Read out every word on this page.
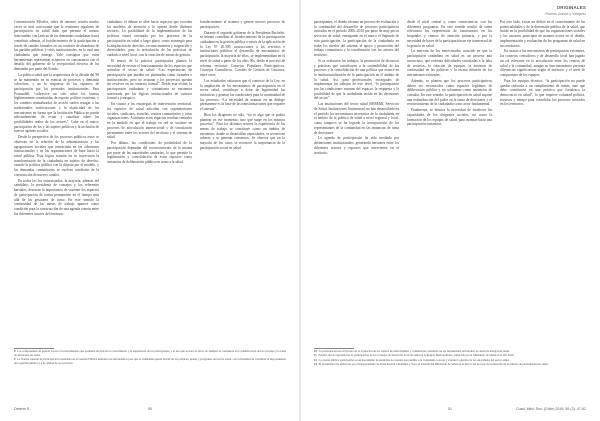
Comunicación Móviles, redes de internet, resulta mucho veces se más convocante que la reuniones regulares de participación en salud dado que permite el mismo intercambio con Iarticas de las demandas ciudadanas hacia contribuir además, al fortalecimiento de la participación a través de canales formales en un contexto de abandono de las partidas públicas y crisis institucionales, en la cual una ciudadanía que emerge, Vale consignar que estas herramientas representan esfuerzos en consonancia con el desafío del gobierno de la receptividad efectiva de las demandas por parte del Estado.

La política salud que la arquitectura de la década del 90 se ha mantenido en su esencia de procesos y demanda colectivas, y no lo respuesta de los espacios de participación por los prestados institucionales. Para Poussadell, “sobrevive un solo sobre las formas legítimamente constituidas de espacio político existente, y los cambios mutualizados de acción suelen rezagar a las tradicionales verificaciones y la elasticidad de los mecanismos en forma que la Institución Pública no pueda adecuadamente, de evitar y canalizar sobre las posibilidades reales de los actores”. Cabe en el marco participativo de los y las sujetos políticos y la inclusión de nuevos agentes sociales.

Desde la perspectiva de los procesos políticos estos se observan en la relación de la administración y las agrupaciones sociales que interactúan en las coberturas institucionales y en las organizaciones de base hacia la salud pública. Esta lógica transita en su trayectoria la transformación de la ciudadanía en sujetos de derecho, cuando la política pública con la disputa por el modelo, y las demandas comunitarias se vuelven condición de la construcción de nuevos canales.

En todos los los entrevistados, la mayoría, además del candidato, la presidenta de consejos y los referentes barriales, destacan la importancia de sostener los espacios de participación de forma permanente en el tiempo más allá de las gestiones de turno. En este sentido la continuidad de las mesas de trabajo aparece como condición para la construcción de una agenda común entre los diferentes actores del territorio.

ciudadana: el debate se abre hacia aspectos que exceden los modelos de atención y lo operan desde distintos sectores, La posibilidad de la implementación de las políticas estará orientada por los procesos de la participación en salud a largo plazo, como estrategia para la ampliación de derechos, reconocimientos y asignación y diversidades, para la articulación de las prácticas de cuidado a nivel local, con la creación de mesas de gestión.

El marco de la práctica participativa plantea la necesidad de revisar el funcionamiento de los espacios que articulan el sector de salud: “Las experiencias de participación que pueden ser planteadas como formales e institucionales, pero no avanzan y los proyectos quedan sin resolver en un contexto formal”. Desde esta visión, la participación ciudadana y comunitaria se encuentra atravesada por las lógicas institucionales de carácter formal y jerárquico.

En cuanto a las estrategias de intervención territorial, los espacios de salud articulan con organizaciones sociales, sindicatos, escuelas, centros comunitarios y otras organizaciones. Asimismo estos espacios resultan centrales en la medida en que el trabajo en red se sostiene en procesos de articulación intersectorial y de vinculación permanente entre los actores del territorio y el sistema de salud.

Por último, las condiciones de posibilidad de la participación dependen del reconocimiento de la misma por parte de las autoridades sanitarias, lo que permite la legitimación y consolidación de estos espacios como instancias de deliberación pública en torno a la salud.

fortalecimiento al sistema y genere nuevos procesos de participación.

Durante el segundo gobierno de la Presidenta Bachelet, se intentó contribuir al fortalecimiento de la participación ciudadana en la gestión pública a través de la aplicación de la Ley Nº 20.500, instrucciones a los servicios e instituciones públicas el desarrollo de mecanismos de participación, la mayoría de ellos, se implementaban en el nivel de salud a partir de los años 90s, desde el proceso de reforma sectorial: Consejos Populares Participativos, Consejos Consultivos, Comités de Gestión de Usuarios, entre otros.

Los estudiados valoraron que el contexto de la Ley, en la ampliación de los mecanismos de participación en el sector salud, contribuye a dotar de legitimidad las iniciativas y generar las condiciones para la continuidad de los procesos: “La necesidad de avanzar en un diálogo permanente es la base de las transformaciones que requiere el sistema”.

Bien los dirigentes no sólo, “no es algo que se podría plantear en ese momento, sino que surge en los mismos procesos”. Para los distintos actores la experiencia de las mesas de trabajo se constituye como un ámbito de encuentro, donde se desarrollan capacidades, se reconocen saberes y se generan consensos. Se observa que en la mayoría de los casos se reconoce la importancia de la participación social en salud.

8 Los componentes de gestión social o las herramientas que permiten involucrar el conocimiento y la experiencia de los participantes, y el uso que se hace de ellos, no siempre se consideran en la planificación de las acciones y la toma de decisiones en salud.
9 La Norma General de Participación Ciudadana en la Gestión Pública establece los mecanismos para que la ciudadanía pueda incidir en las políticas, planes y programas del sector salud, con la finalidad de contribuir al mejoramiento de la gestión pública y a la calidad de los servicios.
Determ S.	50
ORIGINALES
Ramos Garcia y Vasquez

participantes, el diseño alcanza un proceso de evaluación y la continuidad del desarrollo de procesos participativos iniciados en el periodo 2006–2010 por parte de muy pocos servicios de salud, entregando en el marco el Segundo de esta participación, la participación de la ciudadanía en todos los niveles del sistema, el apoyo y promoción del trabajo comunitario y la coordinación con los actores del territorio.

Si se evaluaron los trabajos, la promoción de discursos y prácticas que contribuyen a la sostenibilidad de los procesos y la consolidación de una política que avance en la institucionalización de la participación en el ámbito de la salud. Así, para profesionales encargados de implementar los trabajos de este nivel, “la participación por las condiciones mismas del espacio, la respuesta y la posibilidad de que la ciudadanía incida en las decisiones del sector”.

Las instituciones del sector salud (SEREMI, Servicios de Salud, Instituciones Autónomas) no han desarrollado en el período los mecanismos necesarios de la ciudadanía en el ámbito de la política de salud a nivel regional y local, como tampoco se ha logrado la incorporación de los representantes de la comunidad en las instancias de toma de decisiones.

La agenda de participación ha sido mediada por definiciones institucionales, generando tensiones entre los diferentes actores y espacios que intervienen en el territorio.

desde el nivel central y, como consecuencia, con los diferentes programas. En este sentido resultó de suma relevancia las experiencias de funcionarios en los hospitales y centros de atención primaria, y por la necesidad de hacer de la participación un eje transversal de la gestión en salud.

La mayoría de los entrevistados coincide en que la participación ciudadana en salud es un proceso aún inconcluso, que enfrenta dificultades vinculadas a la falta de recursos, la rotación de equipos, la ausencia de continuidad en las políticas y la escasa difusión de los mecanismos existentes.

Además, se plantea que los procesos participativos deben ser reconocidos como espacios legítimos de deliberación pública y no solamente como instancias de consulta. En este sentido, la participación en salud supone una redistribución del poder en la toma de decisiones y el reconocimiento de la ciudadanía como actor fundamental.

Finalmente, se destaca la necesidad de fortalecer las capacidades de los dirigentes sociales, así como la formación de los equipos de salud, para avanzar hacia una participación sustantiva.

Por otro lado, existe un déficit en el conocimiento de las potencialidades y de la dimensión pública de la salud, que incide en la posibilidad de que las organizaciones sociales y los usuarios participen de manera activa en el diseño, implementación y evaluación de los programas de salud en sus territorios.

En cuanto a los mecanismos de participación existentes, los consejos consultivos y de desarrollo local han jugado un rol relevante en la articulación entre los centros de salud y la comunidad, aunque su funcionamiento presenta diferencias significativas según el territorio y el nivel de compromiso de los equipos.

Para los equipos técnicos, “la participación no puede quedar reducida a un cumplimiento de metas, sino que debe constituirse en una práctica que fortalezca la democracia en salud”, lo que requiere voluntad política, recursos y tiempo para consolidar los procesos iniciados en los territorios.

10 La participación en el Proceso de la formación de los centros de salud familiar y comunitaria constituye un eje fundamental del modelo de atención integral en salud.
11 Estudio de las experiencias de participación en los consejos de desarrollo local de salud en la Región Metropolitana, publicado por el Ministerio de Salud en el año 2016.
12 La cuenta pública participativa es un mecanismo de rendición de cuentas que permite a la ciudadanía conocer y evaluar la gestión de las autoridades del sector salud.
13 El documento fue elaborado por el Departamento de Participación Ciudadana y Trato al Usuario del Ministerio de Salud en el marco del proceso de evaluación de la política de participación en salud.
51	Cuad. Méd. Soc. (Chile) 2019, 59 (3): 47-62
